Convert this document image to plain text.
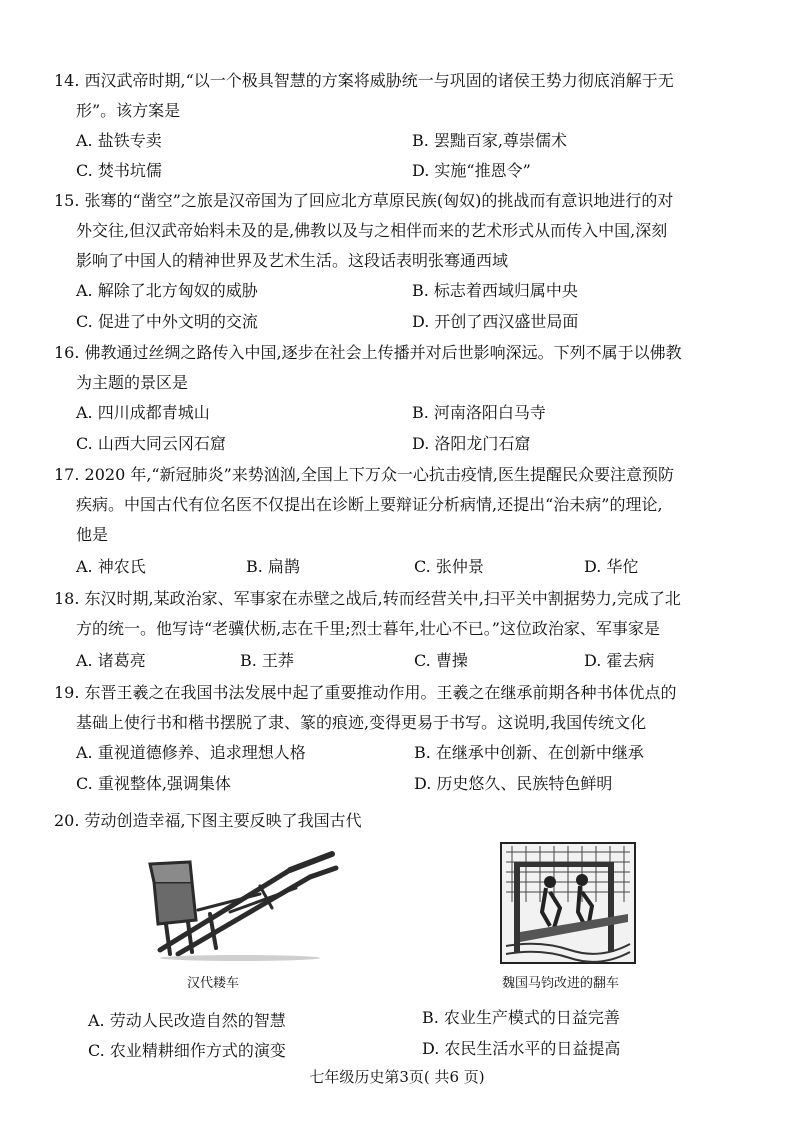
14. 西汉武帝时期,“以一个极具智慧的方案将威胁统一与巩固的诸侯王势力彻底消解于无
形”。该方案是
A. 盐铁专卖	B. 罢黜百家,尊崇儒术
C. 焚书坑儒	D. 实施“推恩令”
15. 张骞的“凿空”之旅是汉帝国为了回应北方草原民族(匈奴)的挑战而有意识地进行的对
外交往,但汉武帝始料未及的是,佛教以及与之相伴而来的艺术形式从而传入中国,深刻
影响了中国人的精神世界及艺术生活。这段话表明张骞通西域
A. 解除了北方匈奴的威胁	B. 标志着西域归属中央
C. 促进了中外文明的交流	D. 开创了西汉盛世局面
16. 佛教通过丝绸之路传入中国,逐步在社会上传播并对后世影响深远。下列不属于以佛教
为主题的景区是
A. 四川成都青城山	B. 河南洛阳白马寺
C. 山西大同云冈石窟	D. 洛阳龙门石窟
17. 2020 年,“新冠肺炎”来势汹汹,全国上下万众一心抗击疫情,医生提醒民众要注意预防
疾病。中国古代有位名医不仅提出在诊断上要辩证分析病情,还提出“治未病”的理论,
他是
A. 神农氏	B. 扁鹊	C. 张仲景	D. 华佗
18. 东汉时期,某政治家、军事家在赤壁之战后,转而经营关中,扫平关中割据势力,完成了北
方的统一。他写诗“老骥伏枥,志在千里;烈士暮年,壮心不已。”这位政治家、军事家是
A. 诸葛亮	B. 王莽	C. 曹操	D. 霍去病
19. 东晋王羲之在我国书法发展中起了重要推动作用。王羲之在继承前期各种书体优点的
基础上使行书和楷书摆脱了隶、篆的痕迹,变得更易于书写。这说明,我国传统文化
A. 重视道德修养、追求理想人格	B. 在继承中创新、在创新中继承
C. 重视整体,强调集体	D. 历史悠久、民族特色鲜明
20. 劳动创造幸福,下图主要反映了我国古代
汉代耧车	魏国马钧改进的翻车
A. 劳动人民改造自然的智慧	B. 农业生产模式的日益完善
C. 农业精耕细作方式的演变	D. 农民生活水平的日益提高
七年级历史第3页( 共6 页)
